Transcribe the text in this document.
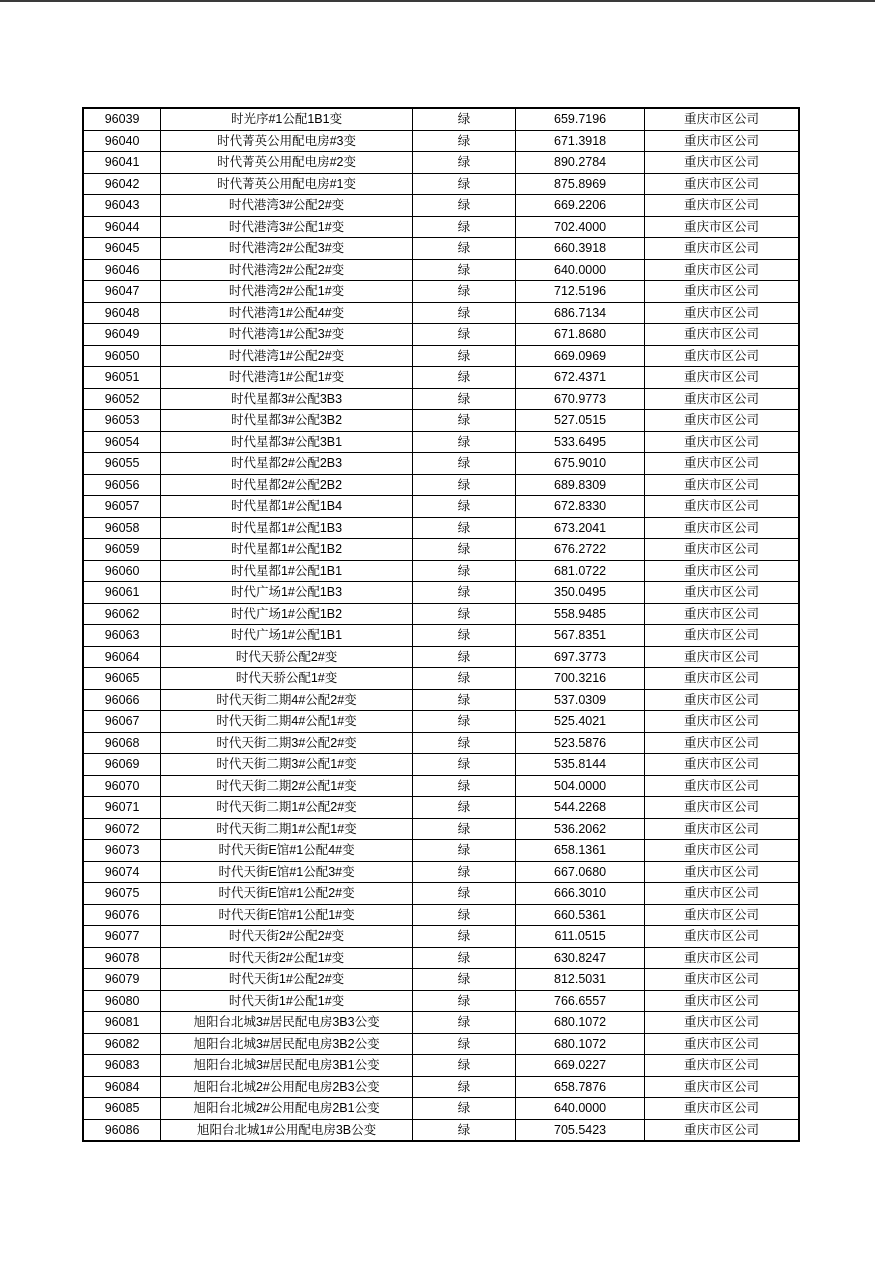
96039	时光序#1公配1B1变	绿	659.7196	重庆市区公司
96040	时代菁英公用配电房#3变	绿	671.3918	重庆市区公司
96041	时代菁英公用配电房#2变	绿	890.2784	重庆市区公司
96042	时代菁英公用配电房#1变	绿	875.8969	重庆市区公司
96043	时代港湾3#公配2#变	绿	669.2206	重庆市区公司
96044	时代港湾3#公配1#变	绿	702.4000	重庆市区公司
96045	时代港湾2#公配3#变	绿	660.3918	重庆市区公司
96046	时代港湾2#公配2#变	绿	640.0000	重庆市区公司
96047	时代港湾2#公配1#变	绿	712.5196	重庆市区公司
96048	时代港湾1#公配4#变	绿	686.7134	重庆市区公司
96049	时代港湾1#公配3#变	绿	671.8680	重庆市区公司
96050	时代港湾1#公配2#变	绿	669.0969	重庆市区公司
96051	时代港湾1#公配1#变	绿	672.4371	重庆市区公司
96052	时代星都3#公配3B3	绿	670.9773	重庆市区公司
96053	时代星都3#公配3B2	绿	527.0515	重庆市区公司
96054	时代星都3#公配3B1	绿	533.6495	重庆市区公司
96055	时代星都2#公配2B3	绿	675.9010	重庆市区公司
96056	时代星都2#公配2B2	绿	689.8309	重庆市区公司
96057	时代星都1#公配1B4	绿	672.8330	重庆市区公司
96058	时代星都1#公配1B3	绿	673.2041	重庆市区公司
96059	时代星都1#公配1B2	绿	676.2722	重庆市区公司
96060	时代星都1#公配1B1	绿	681.0722	重庆市区公司
96061	时代广场1#公配1B3	绿	350.0495	重庆市区公司
96062	时代广场1#公配1B2	绿	558.9485	重庆市区公司
96063	时代广场1#公配1B1	绿	567.8351	重庆市区公司
96064	时代天骄公配2#变	绿	697.3773	重庆市区公司
96065	时代天骄公配1#变	绿	700.3216	重庆市区公司
96066	时代天街二期4#公配2#变	绿	537.0309	重庆市区公司
96067	时代天街二期4#公配1#变	绿	525.4021	重庆市区公司
96068	时代天街二期3#公配2#变	绿	523.5876	重庆市区公司
96069	时代天街二期3#公配1#变	绿	535.8144	重庆市区公司
96070	时代天街二期2#公配1#变	绿	504.0000	重庆市区公司
96071	时代天街二期1#公配2#变	绿	544.2268	重庆市区公司
96072	时代天街二期1#公配1#变	绿	536.2062	重庆市区公司
96073	时代天街E馆#1公配4#变	绿	658.1361	重庆市区公司
96074	时代天街E馆#1公配3#变	绿	667.0680	重庆市区公司
96075	时代天街E馆#1公配2#变	绿	666.3010	重庆市区公司
96076	时代天街E馆#1公配1#变	绿	660.5361	重庆市区公司
96077	时代天街2#公配2#变	绿	611.0515	重庆市区公司
96078	时代天街2#公配1#变	绿	630.8247	重庆市区公司
96079	时代天街1#公配2#变	绿	812.5031	重庆市区公司
96080	时代天街1#公配1#变	绿	766.6557	重庆市区公司
96081	旭阳台北城3#居民配电房3B3公变	绿	680.1072	重庆市区公司
96082	旭阳台北城3#居民配电房3B2公变	绿	680.1072	重庆市区公司
96083	旭阳台北城3#居民配电房3B1公变	绿	669.0227	重庆市区公司
96084	旭阳台北城2#公用配电房2B3公变	绿	658.7876	重庆市区公司
96085	旭阳台北城2#公用配电房2B1公变	绿	640.0000	重庆市区公司
96086	旭阳台北城1#公用配电房3B公变	绿	705.5423	重庆市区公司
